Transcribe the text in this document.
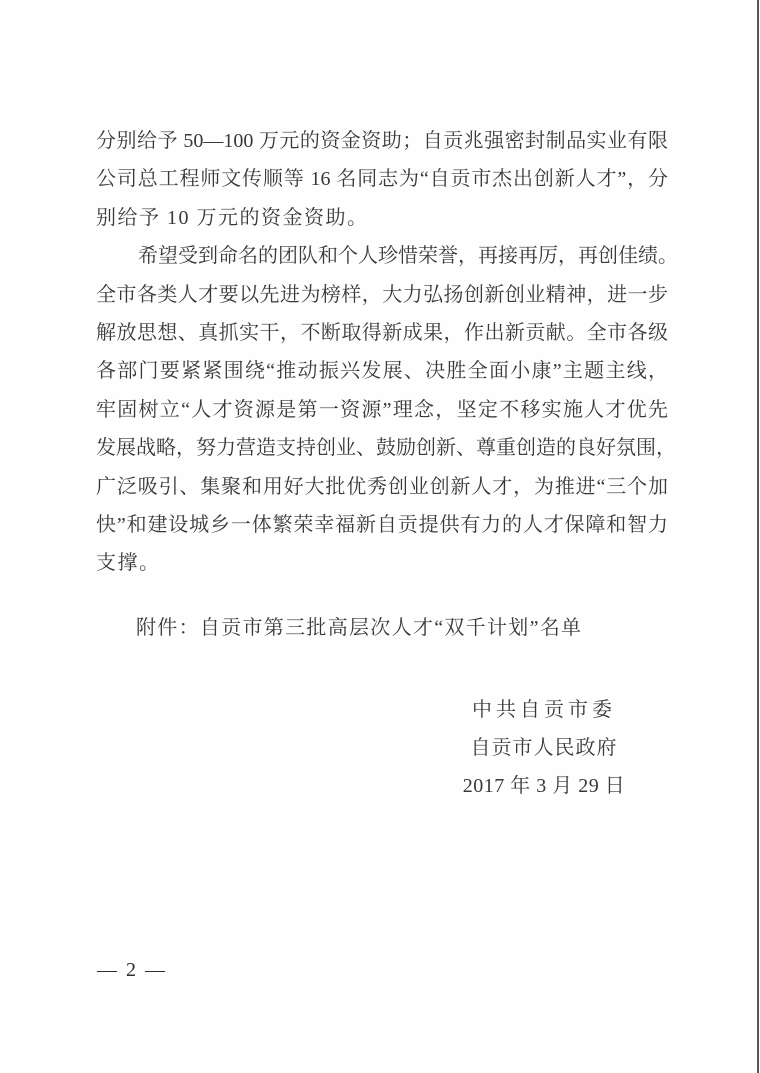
分别给予 50—100 万元的资金资助；自贡兆强密封制品实业有限
公司总工程师文传顺等 16 名同志为“自贡市杰出创新人才”，分
别给予 10 万元的资金资助。
希望受到命名的团队和个人珍惜荣誉，再接再厉，再创佳绩。
全市各类人才要以先进为榜样，大力弘扬创新创业精神，进一步
解放思想、真抓实干，不断取得新成果，作出新贡献。全市各级
各部门要紧紧围绕“推动振兴发展、决胜全面小康”主题主线，
牢固树立“人才资源是第一资源”理念，坚定不移实施人才优先
发展战略，努力营造支持创业、鼓励创新、尊重创造的良好氛围，
广泛吸引、集聚和用好大批优秀创业创新人才，为推进“三个加
快”和建设城乡一体繁荣幸福新自贡提供有力的人才保障和智力
支撑。
附件：自贡市第三批高层次人才“双千计划”名单
中共自贡市委
自贡市人民政府
2017 年 3 月 29 日
— 2 —
